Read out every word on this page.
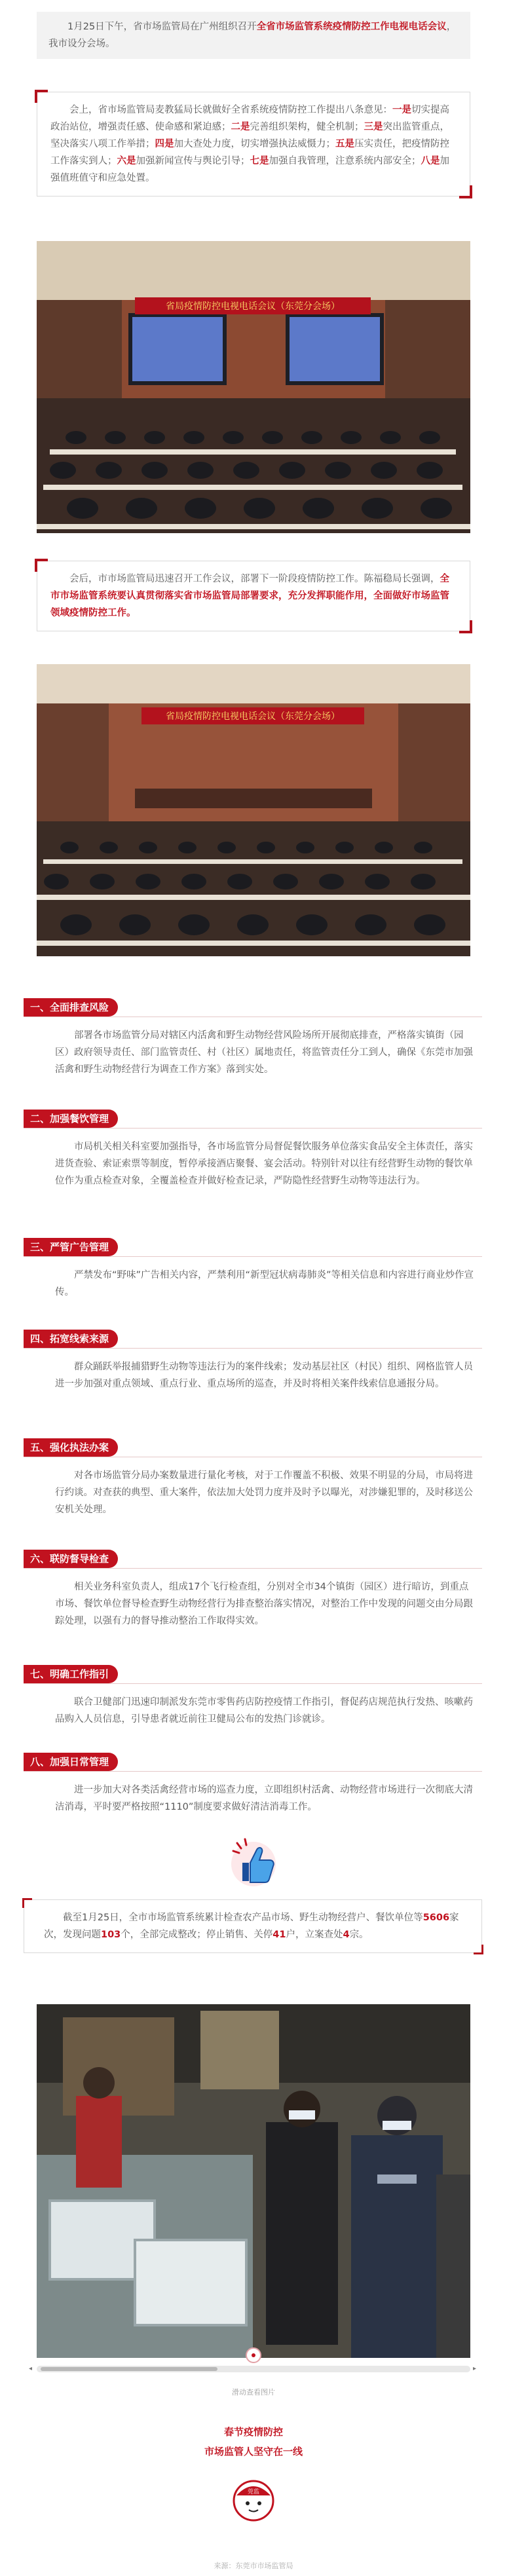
1月25日下午，省市场监管局在广州组织召开全省市场监管系统疫情防控工作电视电话会议，我市设分会场。

会上，省市场监管局麦教猛局长就做好全省系统疫情防控工作提出八条意见：一是切实提高政治站位，增强责任感、使命感和紧迫感；二是完善组织架构，健全机制；三是突出监管重点，坚决落实八项工作举措；四是加大查处力度，切实增强执法威慑力；五是压实责任，把疫情防控工作落实到人；六是加强新闻宣传与舆论引导；七是加强自我管理，注意系统内部安全；八是加强值班值守和应急处置。

省局疫情防控电视电话会议（东莞分会场）

会后，市市场监管局迅速召开工作会议，部署下一阶段疫情防控工作。陈福稳局长强调，全市市场监管系统要认真贯彻落实省市场监管局部署要求，充分发挥职能作用，全面做好市场监管领域疫情防控工作。

省局疫情防控电视电话会议（东莞分会场）
一、全面排查风险
部署各市场监管分局对辖区内活禽和野生动物经营风险场所开展彻底排查，严格落实镇街（园区）政府领导责任、部门监管责任、村（社区）属地责任，将监管责任分工到人，确保《东莞市加强活禽和野生动物经营行为调查工作方案》落到实处。
二、加强餐饮管理
市局机关相关科室要加强指导，各市场监管分局督促餐饮服务单位落实食品安全主体责任，落实进货查验、索证索票等制度，暂停承接酒店聚餐、宴会活动。特别针对以往有经营野生动物的餐饮单位作为重点检查对象，全覆盖检查并做好检查记录，严防隐性经营野生动物等违法行为。
三、严管广告管理
严禁发布“野味”广告相关内容，严禁利用“新型冠状病毒肺炎”等相关信息和内容进行商业炒作宣传。
四、拓宽线索来源
群众踊跃举报捕猎野生动物等违法行为的案件线索；发动基层社区（村民）组织、网格监管人员进一步加强对重点领域、重点行业、重点场所的巡查，并及时将相关案件线索信息通报分局。
五、强化执法办案
对各市场监管分局办案数量进行量化考核，对于工作覆盖不积极、效果不明显的分局，市局将进行约谈。对查获的典型、重大案件，依法加大处罚力度并及时予以曝光，对涉嫌犯罪的，及时移送公安机关处理。
六、联防督导检查
相关业务科室负责人，组成17个飞行检查组，分别对全市34个镇街（园区）进行暗访，到重点市场、餐饮单位督导检查野生动物经营行为排查整治落实情况，对整治工作中发现的问题交由分局跟踪处理，以强有力的督导推动整治工作取得实效。
七、明确工作指引
联合卫健部门迅速印制派发东莞市零售药店防控疫情工作指引，督促药店规范执行发热、咳嗽药品购入人员信息，引导患者就近前往卫健局公布的发热门诊就诊。
八、加强日常管理
进一步加大对各类活禽经营市场的巡查力度，立即组织村活禽、动物经营市场进行一次彻底大清洁消毒，平时要严格按照“1110”制度要求做好清洁消毒工作。

截至1月25日，全市市场监管系统累计检查农产品市场、野生动物经营户、餐饮单位等5606家次，发现问题103个，全部完成整改；停止销售、关停41户，立案查处4宗。

◂	▸
滑动查看图片
春节疫情防控
市场监管人坚守在一线
莞监
来源：东莞市市场监管局
